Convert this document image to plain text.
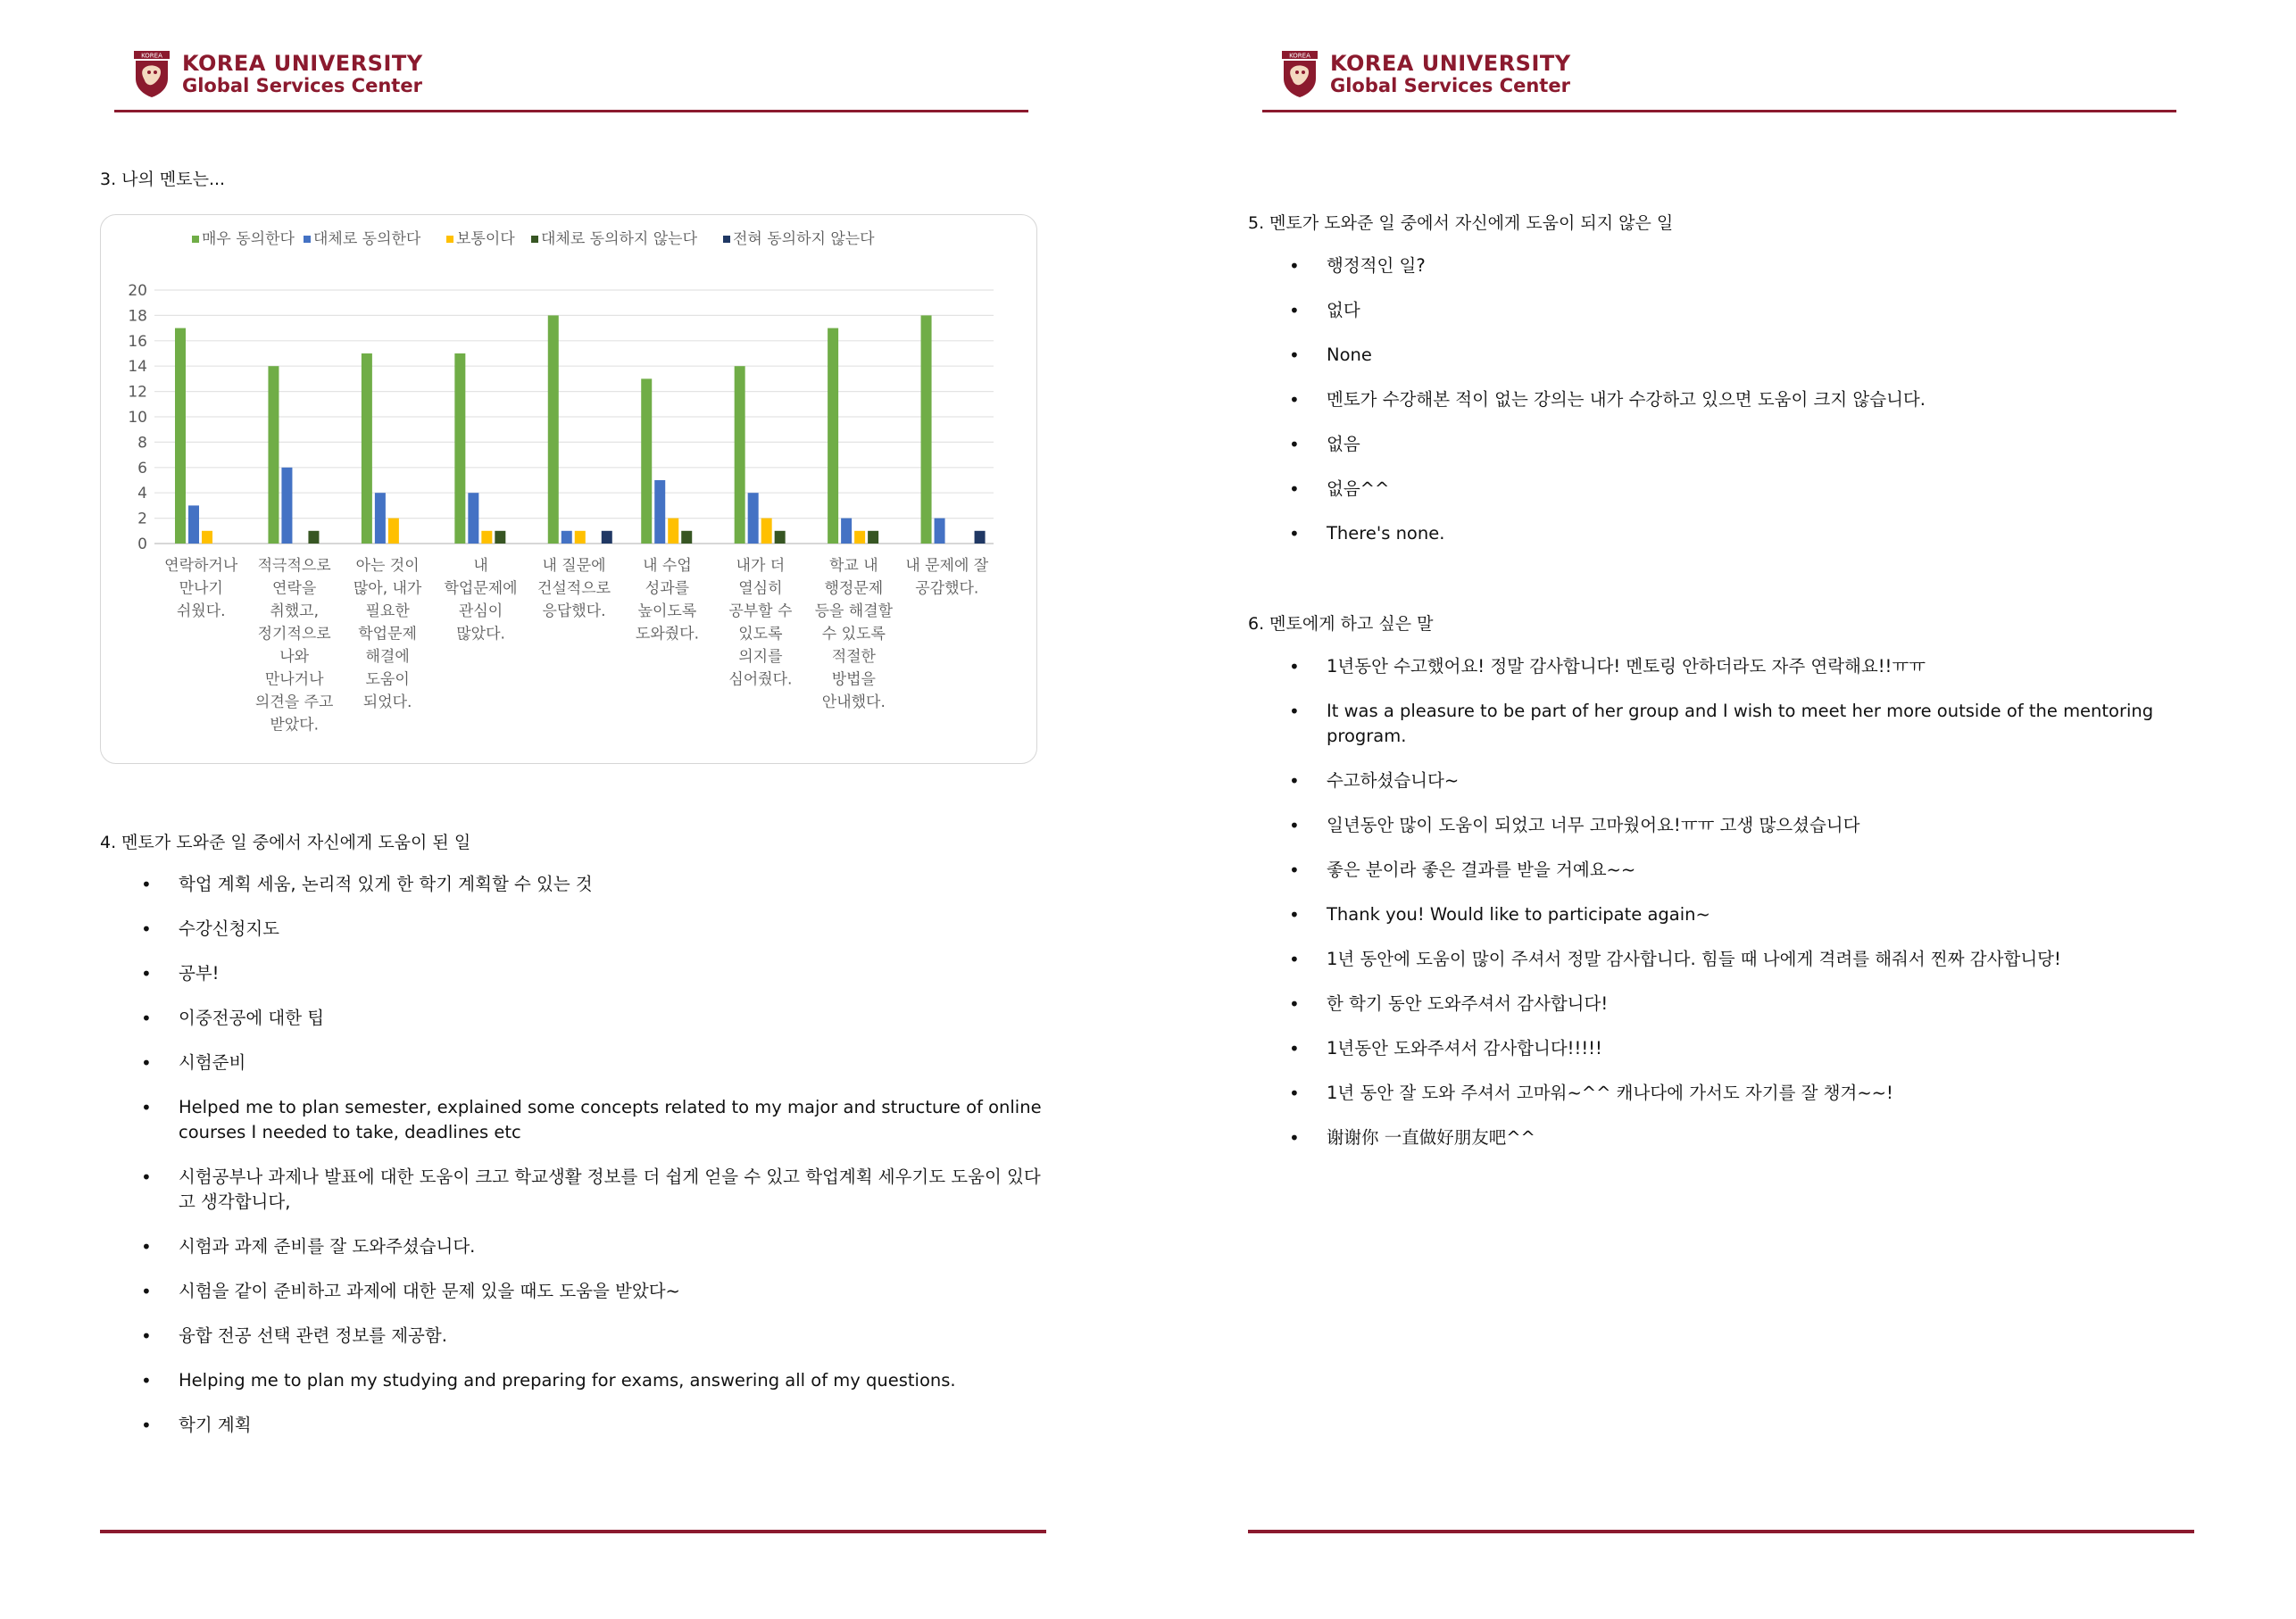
KOREA KOREA UNIVERSITY
Global Services Center
3. 나의 멘토는...
0
2
4
6
8
10
12
14
16
18
20
매우 동의한다 대체로 동의한다 보통이다 대체로 동의하지 않는다 전혀 동의하지 않는다
연락하거나
만나기
쉬웠다.
적극적으로
연락을
취했고,
정기적으로
나와
만나거나
의견을 주고
받았다.
아는 것이
많아, 내가
필요한
학업문제
해결에
도움이
되었다.
내
학업문제에
관심이
많았다.
내 질문에
건설적으로
응답했다.
내 수업
성과를
높이도록
도와줬다.
내가 더
열심히
공부할 수
있도록
의지를
심어줬다.
학교 내
행정문제
등을 해결할
수 있도록
적절한
방법을
안내했다.
내 문제에 잘
공감했다.
4. 멘토가 도와준 일 중에서 자신에게 도움이 된 일
• 학업 계획 세움, 논리적 있게 한 학기 계획할 수 있는 것
• 수강신청지도
• 공부!
• 이중전공에 대한 팁
• 시험준비
• Helped me to plan semester, explained some concepts related to my major and structure of online courses I needed to take, deadlines etc
• 시험공부나 과제나 발표에 대한 도움이 크고 학교생활 정보를 더 쉽게 얻을 수 있고 학업계획 세우기도 도움이 있다고 생각합니다,
• 시험과 과제 준비를 잘 도와주셨습니다.
• 시험을 같이 준비하고 과제에 대한 문제 있을 때도 도움을 받았다~
• 융합 전공 선택 관련 정보를 제공함.
• Helping me to plan my studying and preparing for exams, answering all of my questions.
• 학기 계획
KOREA KOREA UNIVERSITY
Global Services Center
5. 멘토가 도와준 일 중에서 자신에게 도움이 되지 않은 일
• 행정적인 일?
• 없다
• None
• 멘토가 수강해본 적이 없는 강의는 내가 수강하고 있으면 도움이 크지 않습니다.
• 없음
• 없음^^
• There's none.
6. 멘토에게 하고 싶은 말
• 1년동안 수고했어요! 정말 감사합니다! 멘토링 안하더라도 자주 연락해요!!ㅠㅠ
• It was a pleasure to be part of her group and I wish to meet her more outside of the mentoring program.
• 수고하셨습니다~
• 일년동안 많이 도움이 되었고 너무 고마웠어요!ㅠㅠ 고생 많으셨습니다
• 좋은 분이라 좋은 결과를 받을 거예요~~
• Thank you! Would like to participate again~
• 1년 동안에 도움이 많이 주셔서 정말 감사합니다. 힘들 때 나에게 격려를 해줘서 찐짜 감사합니당!
• 한 학기 동안 도와주셔서 감사합니다!
• 1년동안 도와주셔서 감사합니다!!!!!
• 1년 동안 잘 도와 주셔서 고마워~^^ 캐나다에 가서도 자기를 잘 챙겨~~!
• 谢谢你 一直做好朋友吧^^
